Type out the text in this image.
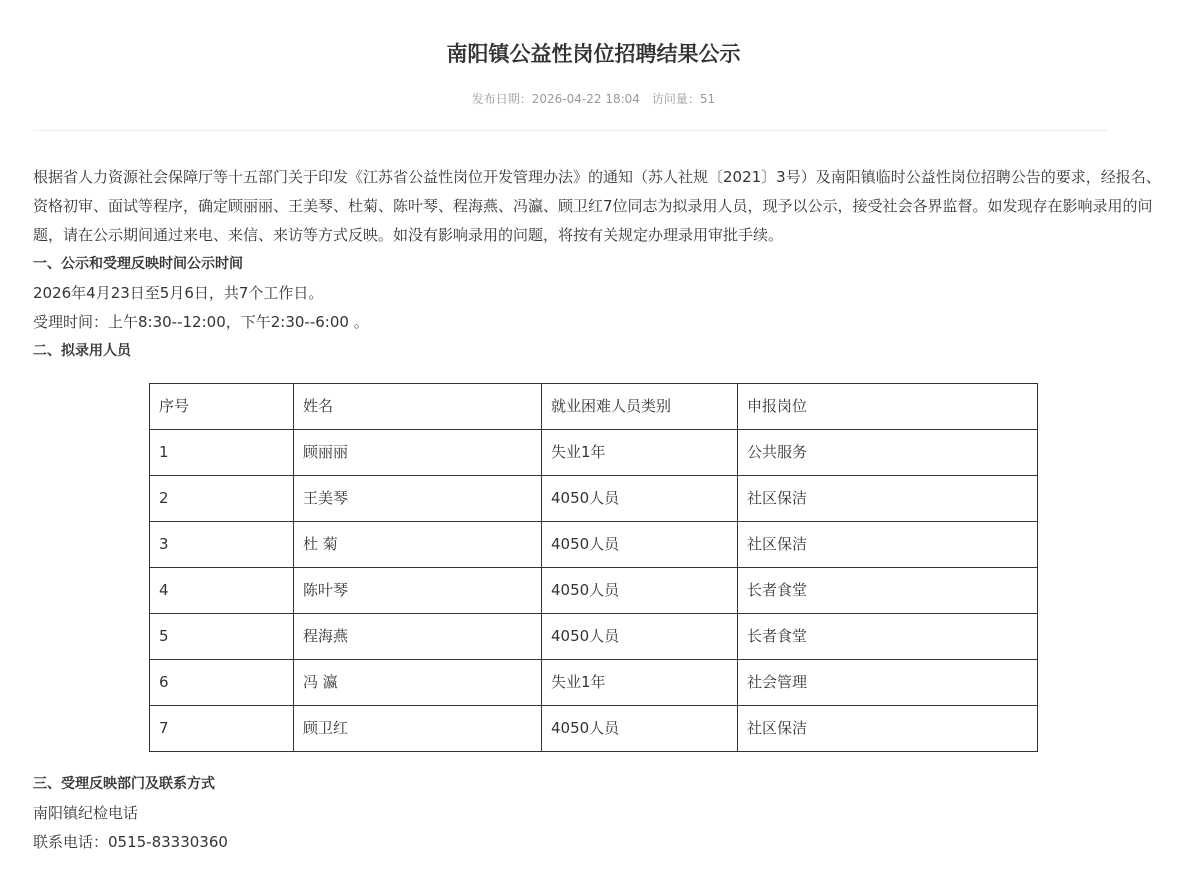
南阳镇公益性岗位招聘结果公示
发布日期：2026-04-22 18:04 访问量：51

根据省人力资源社会保障厅等十五部门关于印发《江苏省公益性岗位开发管理办法》的通知（苏人社规〔2021〕3号）及南阳镇临时公益性岗位招聘公告的要求，经报名、资格初审、面试等程序，确定顾丽丽、王美琴、杜菊、陈叶琴、程海燕、冯瀛、顾卫红7位同志为拟录用人员，现予以公示，接受社会各界监督。如发现存在影响录用的问题，请在公示期间通过来电、来信、来访等方式反映。如没有影响录用的问题，将按有关规定办理录用审批手续。

一、公示和受理反映时间公示时间

2026年4月23日至5月6日，共7个工作日。

受理时间：上午8:30--12:00，下午2:30--6:00 。

二、拟录用人员

序号	姓名	就业困难人员类别	申报岗位
1	顾丽丽	失业1年	公共服务
2	王美琴	4050人员	社区保洁
3	杜 菊	4050人员	社区保洁
4	陈叶琴	4050人员	长者食堂
5	程海燕	4050人员	长者食堂
6	冯 瀛	失业1年	社会管理
7	顾卫红	4050人员	社区保洁

三、受理反映部门及联系方式

南阳镇纪检电话

联系电话：0515-83330360
